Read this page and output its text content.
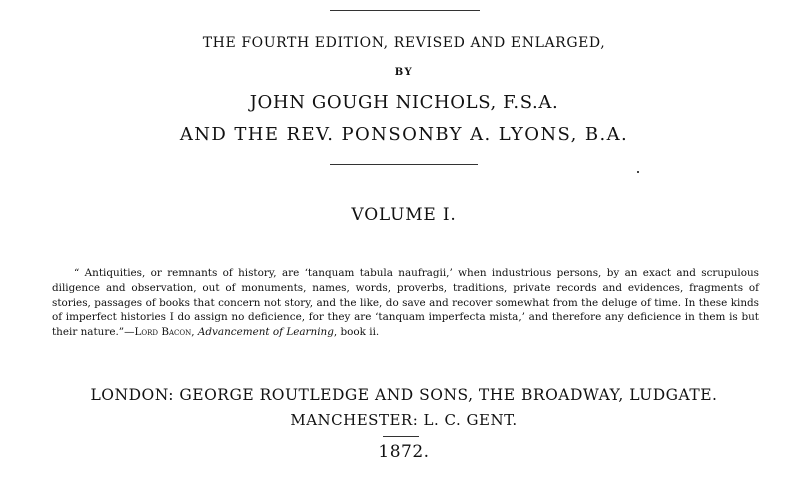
THE FOURTH EDITION, REVISED AND ENLARGED,
BY
JOHN GOUGH NICHOLS, F.S.A.
AND THE REV. PONSONBY A. LYONS, B.A.
VOLUME I.
“ Antiquities, or remnants of history, are ‘tanquam tabula naufragii,’ when industrious persons, by an exact and scrupulous diligence and observation, out of monuments, names, words, proverbs, traditions, private records and evidences, fragments of stories, passages of books that concern not story, and the like, do save and recover somewhat from the deluge of time. In these kinds of imperfect histories I do assign no deficience, for they are ‘tanquam imperfecta mista,’ and therefore any deficience in them is but their nature.”—Lord Bacon, Advancement of Learning, book ii.
LONDON: GEORGE ROUTLEDGE AND SONS, THE BROADWAY, LUDGATE.
MANCHESTER: L. C. GENT.
1872.
